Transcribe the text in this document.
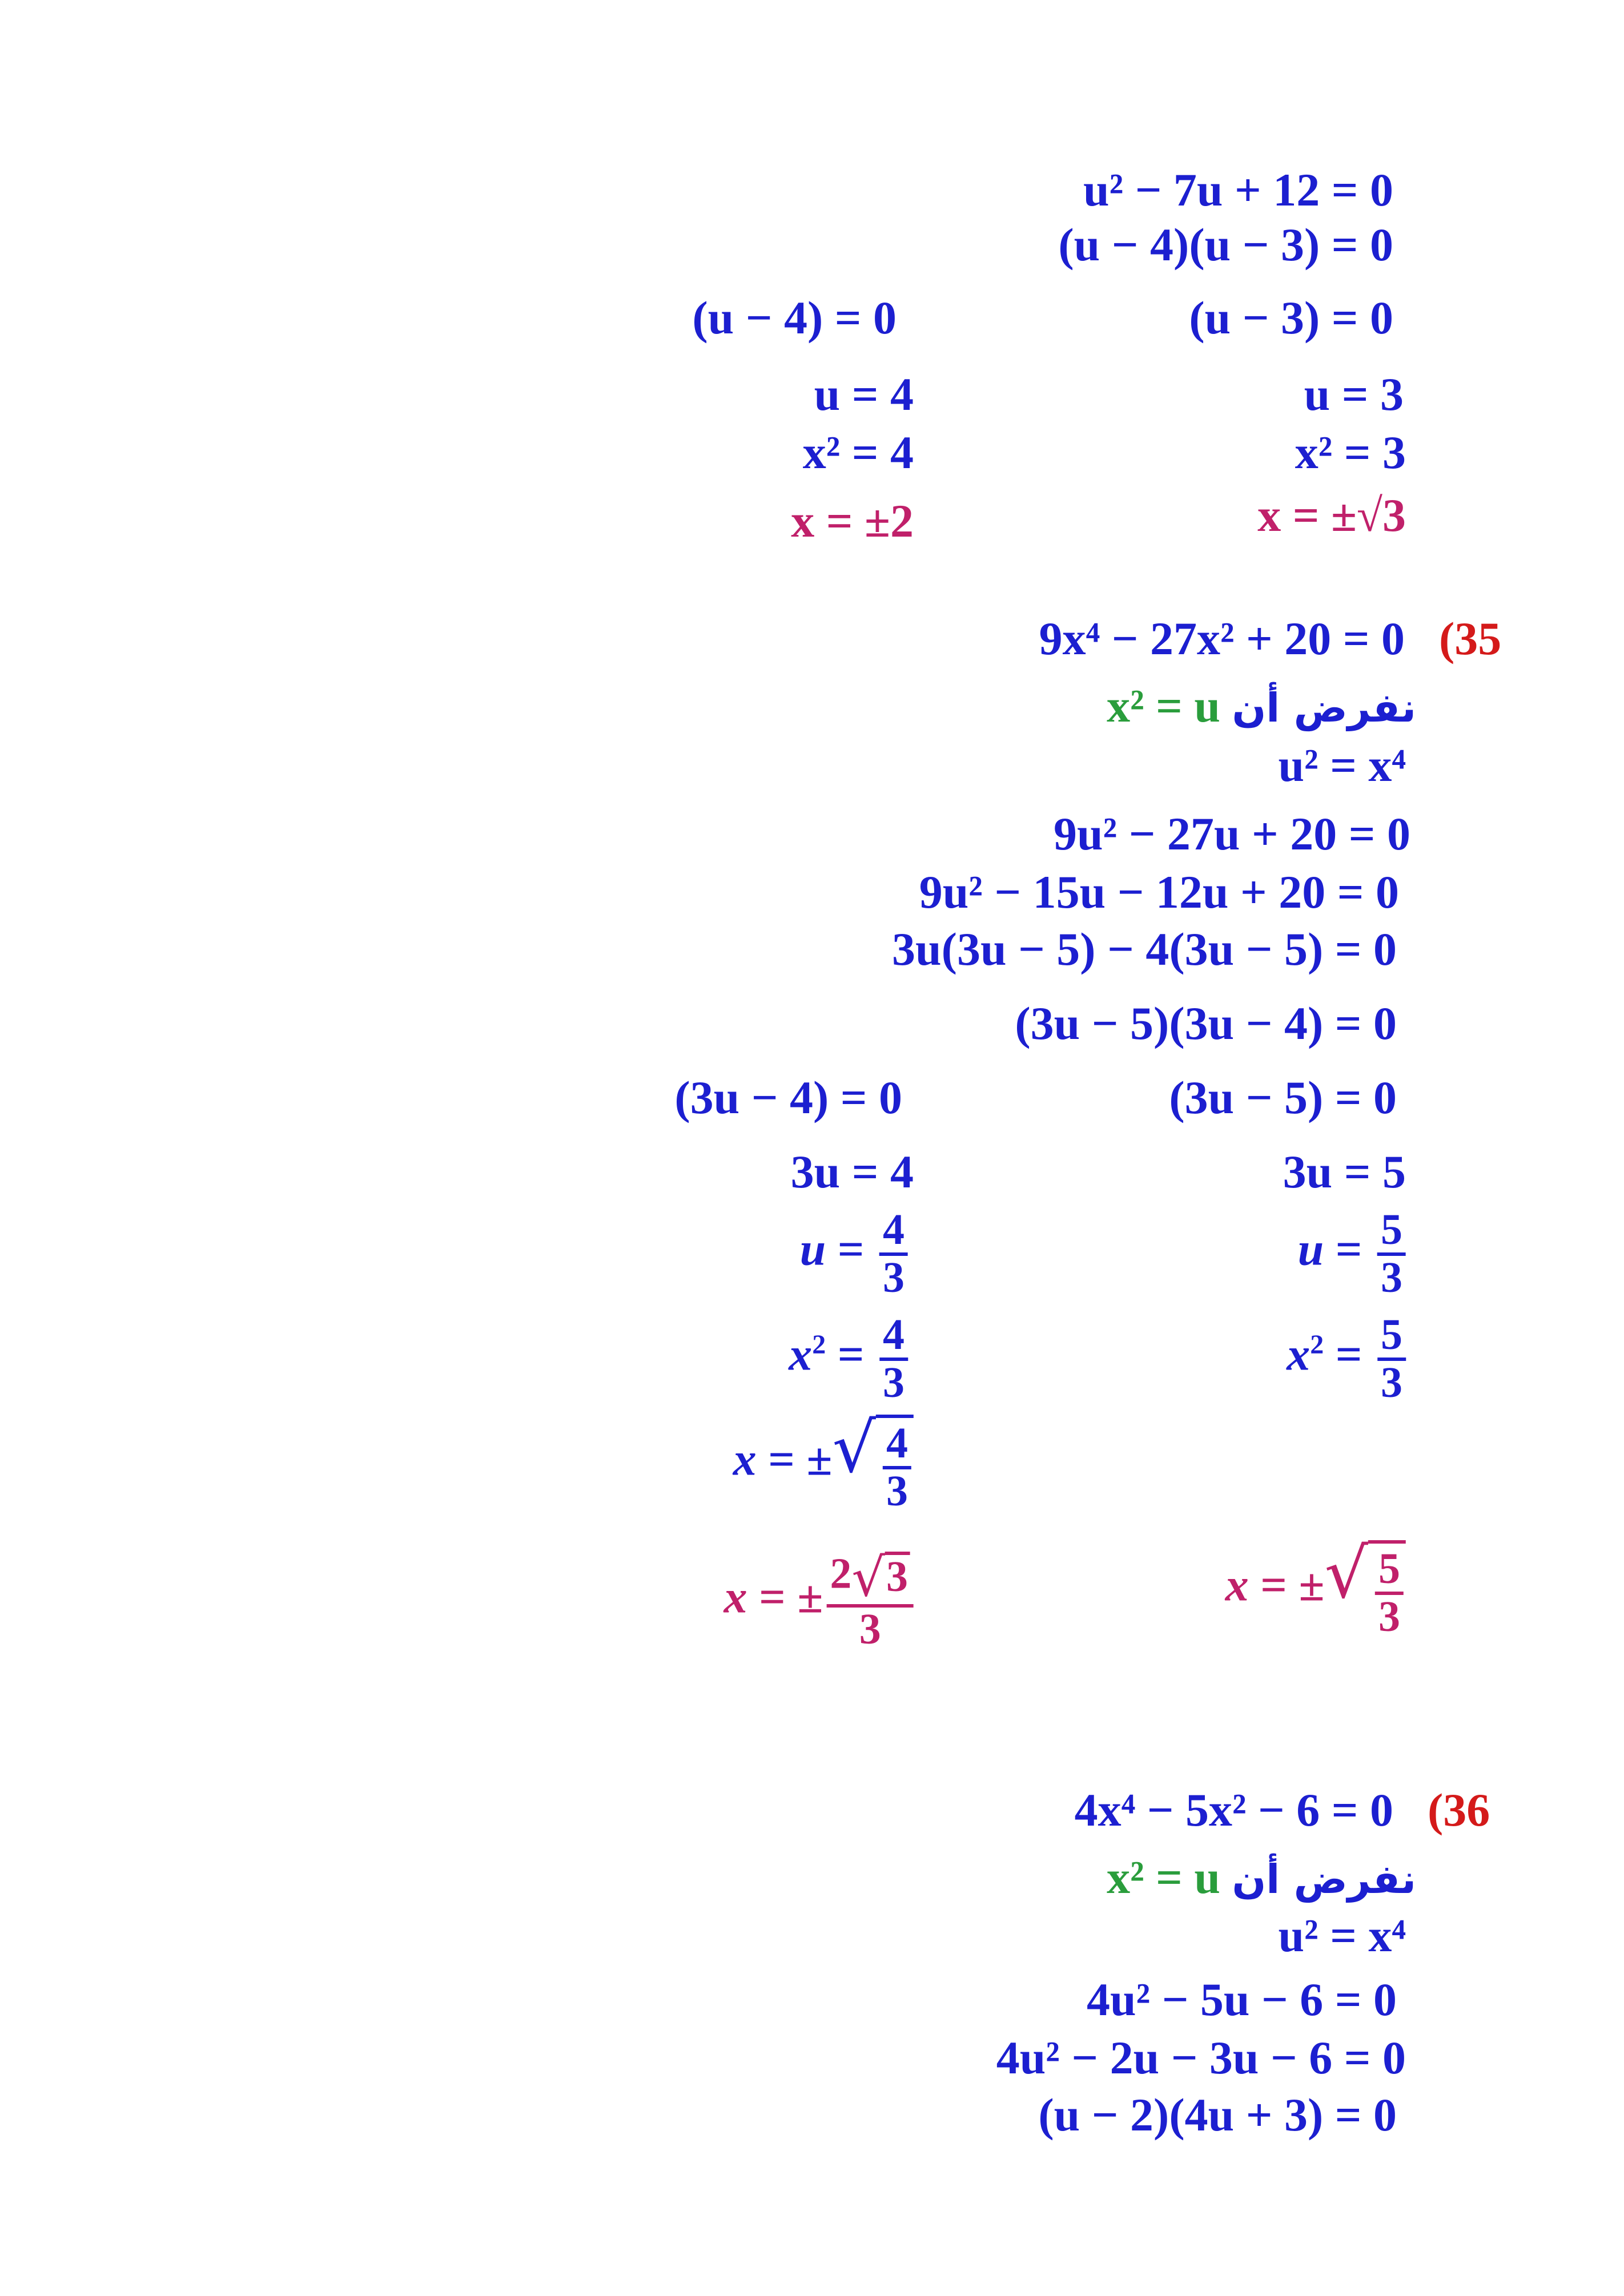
u² − 7u + 12 = 0
(u − 4)(u − 3) = 0
(u − 4) = 0	(u − 3) = 0
u = 4	u = 3
x² = 4	x² = 3
x = ±2	x = ±√3
9x⁴ − 27x² + 20 = 0 (35
x² = u نفرض أن
u² = x⁴
9u² − 27u + 20 = 0
9u² − 15u − 12u + 20 = 0
3u(3u − 5) − 4(3u − 5) = 0
(3u − 5)(3u − 4) = 0
(3u − 4) = 0	(3u − 5) = 0
3u = 4	3u = 5
$u = \frac{4}{3}$	$u = \frac{5}{3}$
$x^2 = \frac{4}{3}$	$x^2 = \frac{5}{3}$
x = ± √ $\frac{4}{3}$
x = ± $\frac{2 √ 3}{3}$	x = ± √ $\frac{5}{3}$
4x⁴ − 5x² − 6 = 0 (36
x² = u نفرض أن
u² = x⁴
4u² − 5u − 6 = 0
4u² − 2u − 3u − 6 = 0
(u − 2)(4u + 3) = 0
